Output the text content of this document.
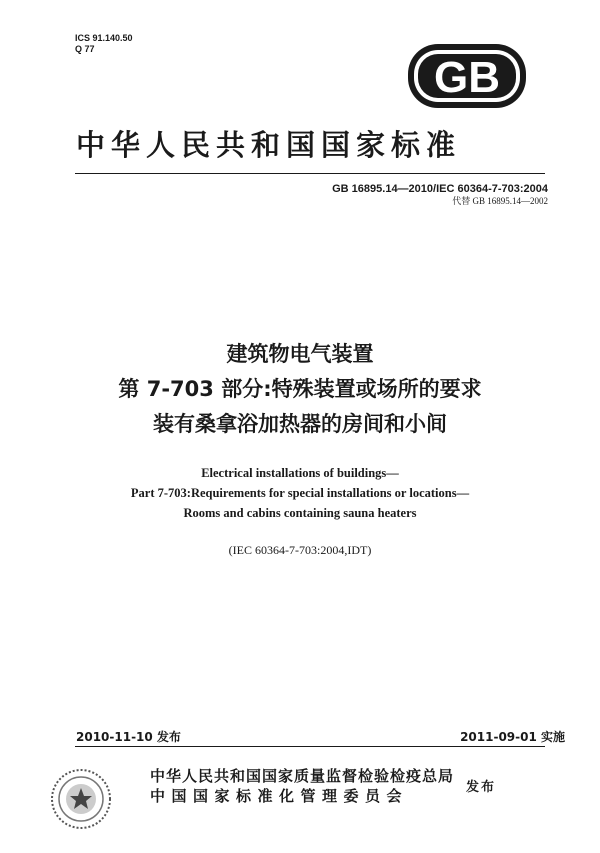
ICS 91.140.50
Q 77
GB
中华人民共和国国家标准
GB 16895.14—2010/IEC 60364-7-703:2004
代替 GB 16895.14—2002
建筑物电气装置
第 7-703 部分:特殊装置或场所的要求
装有桑拿浴加热器的房间和小间
Electrical installations of buildings—
Part 7-703:Requirements for special installations or locations—
Rooms and cabins containing sauna heaters
(IEC 60364-7-703:2004,IDT)
2010-11-10 发布	2011-09-01 实施
中华人民共和国国家质量监督检验检疫总局
中国国家标准化管理委员会	发布
